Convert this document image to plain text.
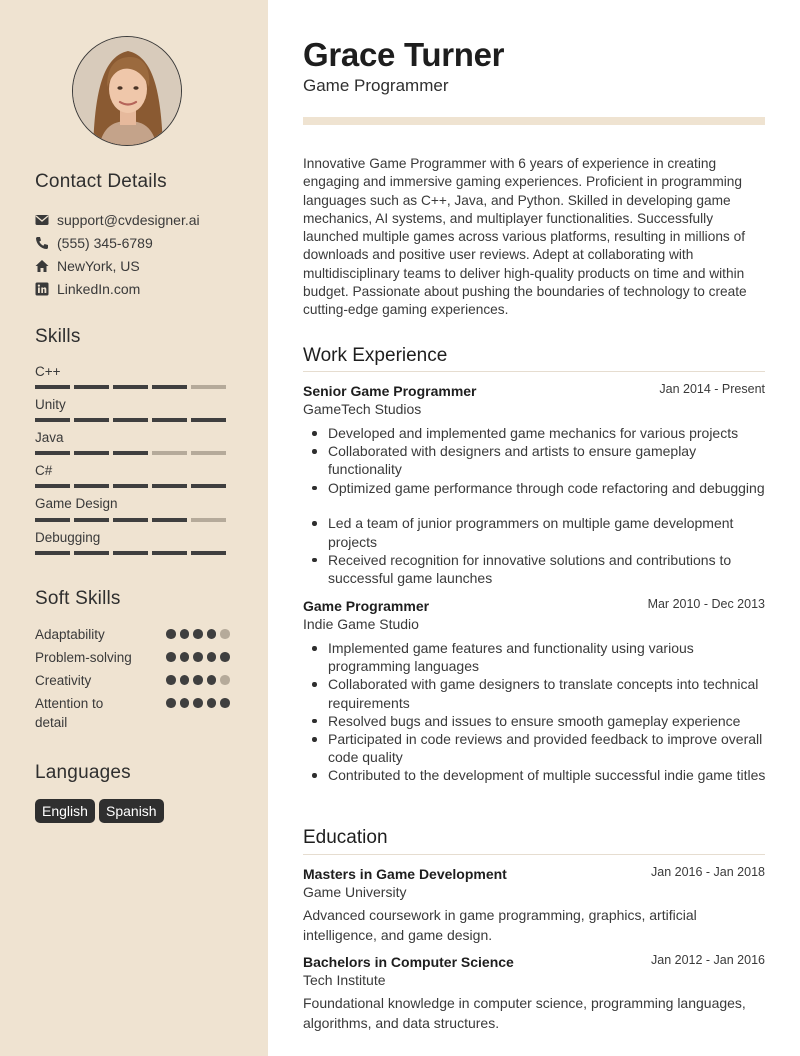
Contact Details
support@cvdesigner.ai
(555) 345-6789
NewYork, US
LinkedIn.com
Skills
C++
Unity
Java
C#
Game Design
Debugging
Soft Skills
Adaptability
Problem-solving
Creativity
Attention to detail
Languages
English	Spanish
Grace Turner
Game Programmer
Innovative Game Programmer with 6 years of experience in creating engaging and immersive gaming experiences. Proficient in programming languages such as C++, Java, and Python. Skilled in developing game mechanics, AI systems, and multiplayer functionalities. Successfully launched multiple games across various platforms, resulting in millions of downloads and positive user reviews. Adept at collaborating with multidisciplinary teams to deliver high-quality products on time and within budget. Passionate about pushing the boundaries of technology to create cutting-edge gaming experiences.
Work Experience
Senior Game Programmer	Jan 2014 - Present
GameTech Studios
Developed and implemented game mechanics for various projects
Collaborated with designers and artists to ensure gameplay functionality
Optimized game performance through code refactoring and debugging
Led a team of junior programmers on multiple game development projects
Received recognition for innovative solutions and contributions to successful game launches
Game Programmer	Mar 2010 - Dec 2013
Indie Game Studio
Implemented game features and functionality using various programming languages
Collaborated with game designers to translate concepts into technical requirements
Resolved bugs and issues to ensure smooth gameplay experience
Participated in code reviews and provided feedback to improve overall code quality
Contributed to the development of multiple successful indie game titles
Education
Masters in Game Development	Jan 2016 - Jan 2018
Game University
Advanced coursework in game programming, graphics, artificial intelligence, and game design.
Bachelors in Computer Science	Jan 2012 - Jan 2016
Tech Institute
Foundational knowledge in computer science, programming languages, algorithms, and data structures.
